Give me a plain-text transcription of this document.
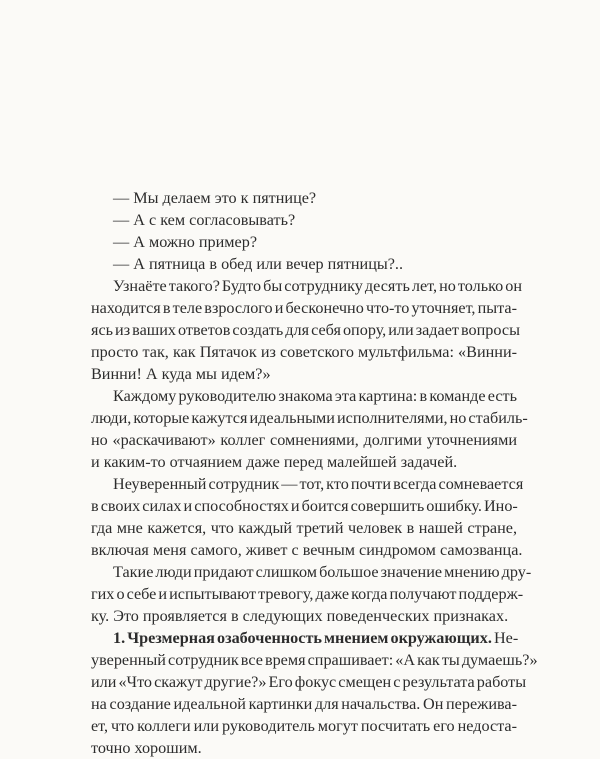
— Мы делаем это к пятнице?
— А с кем согласовывать?
— А можно пример?
— А пятница в обед или вечер пятницы?..
Узнаёте такого? Будто бы сотруднику десять лет, но только он
находится в теле взрослого и бесконечно что-то уточняет, пыта-
ясь из ваших ответов создать для себя опору, или задает вопросы
просто так, как Пятачок из советского мультфильма: «Винни-
Винни! А куда мы идем?»
Каждому руководителю знакома эта картина: в команде есть
люди, которые кажутся идеальными исполнителями, но стабиль-
но «раскачивают» коллег сомнениями, долгими уточнениями
и каким-то отчаянием даже перед малейшей задачей.
Неуверенный сотрудник — тот, кто почти всегда сомневается
в своих силах и способностях и боится совершить ошибку. Ино-
гда мне кажется, что каждый третий человек в нашей стране,
включая меня самого, живет с вечным синдромом самозванца.
Такие люди придают слишком большое значение мнению дру-
гих о себе и испытывают тревогу, даже когда получают поддерж-
ку. Это проявляется в следующих поведенческих признаках.
1. Чрезмерная озабоченность мнением окружающих. Не-
уверенный сотрудник все время спрашивает: «А как ты думаешь?»
или «Что скажут другие?» Его фокус смещен с результата работы
на создание идеальной картинки для начальства. Он пережива-
ет, что коллеги или руководитель могут посчитать его недоста-
точно хорошим.
